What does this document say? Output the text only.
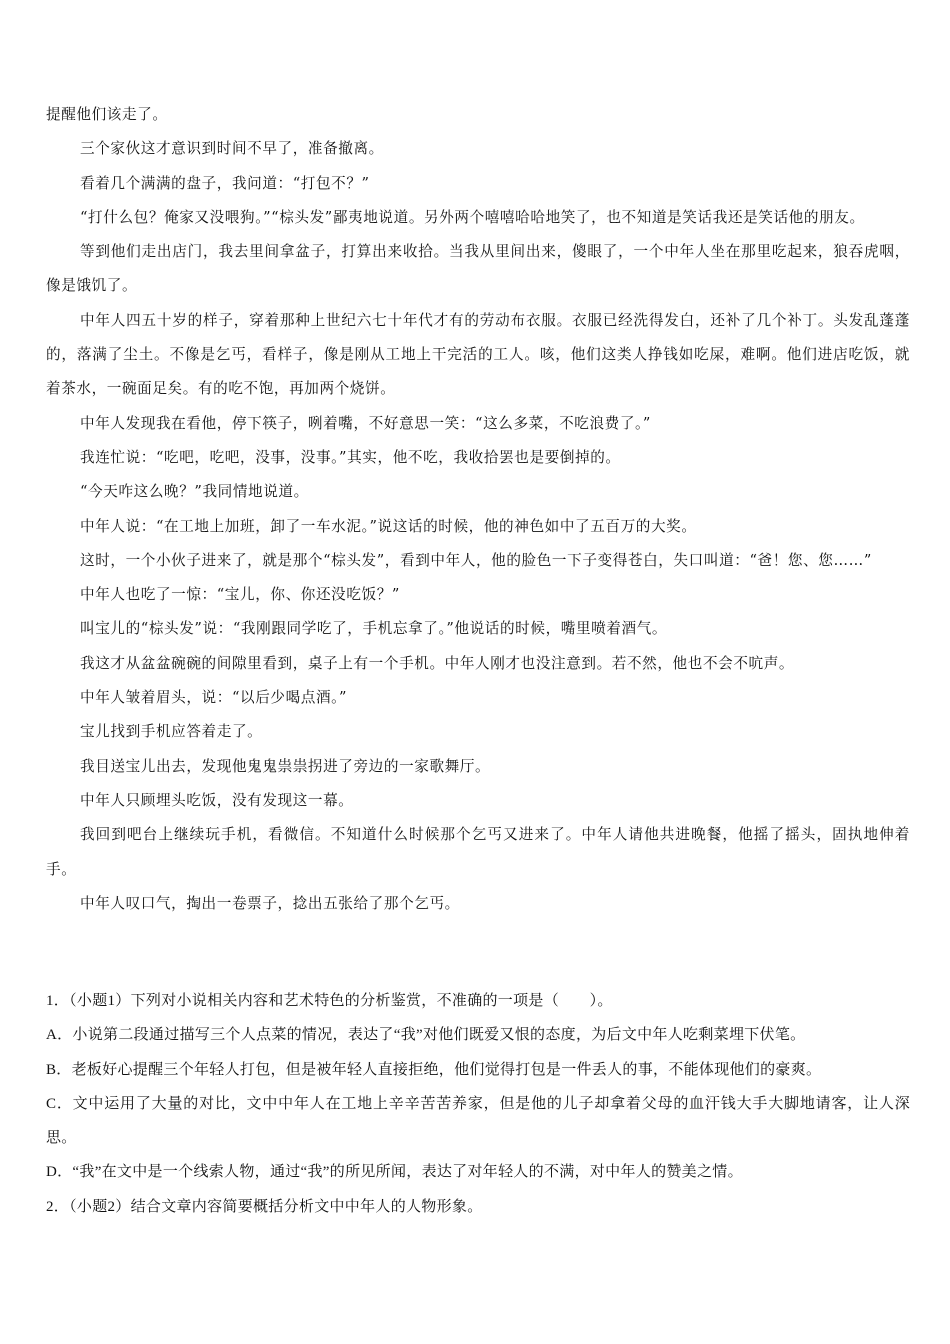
提醒他们该走了。

三个家伙这才意识到时间不早了，准备撤离。

看着几个满满的盘子，我问道：“打包不？”

“打什么包？俺家又没喂狗。”“棕头发”鄙夷地说道。另外两个嘻嘻哈哈地笑了，也不知道是笑话我还是笑话他的朋友。

等到他们走出店门，我去里间拿盆子，打算出来收拾。当我从里间出来，傻眼了，一个中年人坐在那里吃起来，狼吞虎咽，像是饿饥了。

中年人四五十岁的样子，穿着那种上世纪六七十年代才有的劳动布衣服。衣服已经洗得发白，还补了几个补丁。头发乱蓬蓬的，落满了尘土。不像是乞丐，看样子，像是刚从工地上干完活的工人。咳，他们这类人挣钱如吃屎，难啊。他们进店吃饭，就着茶水，一碗面足矣。有的吃不饱，再加两个烧饼。

中年人发现我在看他，停下筷子，咧着嘴，不好意思一笑：“这么多菜，不吃浪费了。”

我连忙说：“吃吧，吃吧，没事，没事。”其实，他不吃，我收拾罢也是要倒掉的。

“今天咋这么晚？”我同情地说道。

中年人说：“在工地上加班，卸了一车水泥。”说这话的时候，他的神色如中了五百万的大奖。

这时，一个小伙子进来了，就是那个“棕头发”，看到中年人，他的脸色一下子变得苍白，失口叫道：“爸！您、您……”

中年人也吃了一惊：“宝儿，你、你还没吃饭？”

叫宝儿的“棕头发”说：“我刚跟同学吃了，手机忘拿了。”他说话的时候，嘴里喷着酒气。

我这才从盆盆碗碗的间隙里看到，桌子上有一个手机。中年人刚才也没注意到。若不然，他也不会不吭声。

中年人皱着眉头，说：“以后少喝点酒。”

宝儿找到手机应答着走了。

我目送宝儿出去，发现他鬼鬼祟祟拐进了旁边的一家歌舞厅。

中年人只顾埋头吃饭，没有发现这一幕。

我回到吧台上继续玩手机，看微信。不知道什么时候那个乞丐又进来了。中年人请他共进晚餐，他摇了摇头，固执地伸着手。

中年人叹口气，掏出一卷票子，捻出五张给了那个乞丐。

1．（小题1）下列对小说相关内容和艺术特色的分析鉴赏，不准确的一项是（　　）。

A．小说第二段通过描写三个人点菜的情况，表达了“我”对他们既爱又恨的态度，为后文中年人吃剩菜埋下伏笔。

B．老板好心提醒三个年轻人打包，但是被年轻人直接拒绝，他们觉得打包是一件丢人的事，不能体现他们的豪爽。

C．文中运用了大量的对比，文中中年人在工地上辛辛苦苦养家，但是他的儿子却拿着父母的血汗钱大手大脚地请客，让人深思。

D．“我”在文中是一个线索人物，通过“我”的所见所闻，表达了对年轻人的不满，对中年人的赞美之情。

2．（小题2）结合文章内容简要概括分析文中中年人的人物形象。
